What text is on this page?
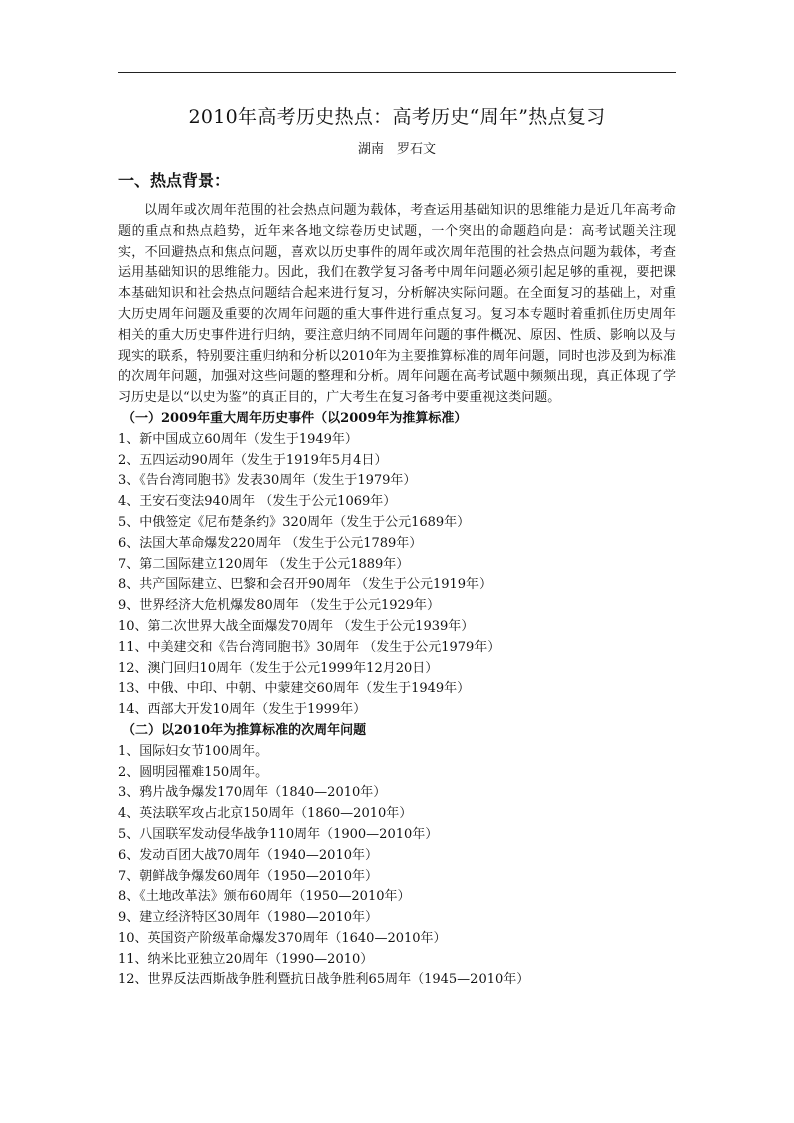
2010年高考历史热点：高考历史“周年”热点复习
湖南　罗石文
一、热点背景：

以周年或次周年范围的社会热点问题为载体，考查运用基础知识的思维能力是近几年高考命题的重点和热点趋势，近年来各地文综卷历史试题，一个突出的命题趋向是：高考试题关注现实，不回避热点和焦点问题，喜欢以历史事件的周年或次周年范围的社会热点问题为载体，考查运用基础知识的思维能力。因此，我们在教学复习备考中周年问题必须引起足够的重视，要把课本基础知识和社会热点问题结合起来进行复习，分析解决实际问题。在全面复习的基础上，对重大历史周年问题及重要的次周年问题的重大事件进行重点复习。复习本专题时着重抓住历史周年相关的重大历史事件进行归纳，要注意归纳不同周年问题的事件概况、原因、性质、影响以及与现实的联系，特别要注重归纳和分析以2010年为主要推算标准的周年问题，同时也涉及到为标准的次周年问题，加强对这些问题的整理和分析。周年问题在高考试题中频频出现，真正体现了学习历史是以“以史为鉴”的真正目的，广大考生在复习备考中要重视这类问题。

（一）2009年重大周年历史事件（以2009年为推算标准）

1、新中国成立60周年（发生于1949年）
2、五四运动90周年（发生于1919年5月4日）
3、《告台湾同胞书》发表30周年（发生于1979年）
4、王安石变法940周年 （发生于公元1069年）
5、中俄签定《尼布楚条约》320周年（发生于公元1689年）
6、法国大革命爆发220周年 （发生于公元1789年）
7、第二国际建立120周年 （发生于公元1889年）
8、共产国际建立、巴黎和会召开90周年 （发生于公元1919年）
9、世界经济大危机爆发80周年 （发生于公元1929年）
10、第二次世界大战全面爆发70周年 （发生于公元1939年）
11、中美建交和《告台湾同胞书》30周年 （发生于公元1979年）
12、澳门回归10周年（发生于公元1999年12月20日）
13、中俄、中印、中朝、中蒙建交60周年（发生于1949年）
14、西部大开发10周年（发生于1999年）

（二）以2010年为推算标准的次周年问题

1、国际妇女节100周年。
2、圆明园罹难150周年。
3、鸦片战争爆发170周年（1840—2010年）
4、英法联军攻占北京150周年（1860—2010年）
5、八国联军发动侵华战争110周年（1900—2010年）
6、发动百团大战70周年（1940—2010年）
7、朝鲜战争爆发60周年（1950—2010年）
8、《土地改革法》颁布60周年（1950—2010年）
9、建立经济特区30周年（1980—2010年）
10、英国资产阶级革命爆发370周年（1640—2010年）
11、纳米比亚独立20周年（1990—2010）
12、世界反法西斯战争胜利暨抗日战争胜利65周年（1945—2010年）
